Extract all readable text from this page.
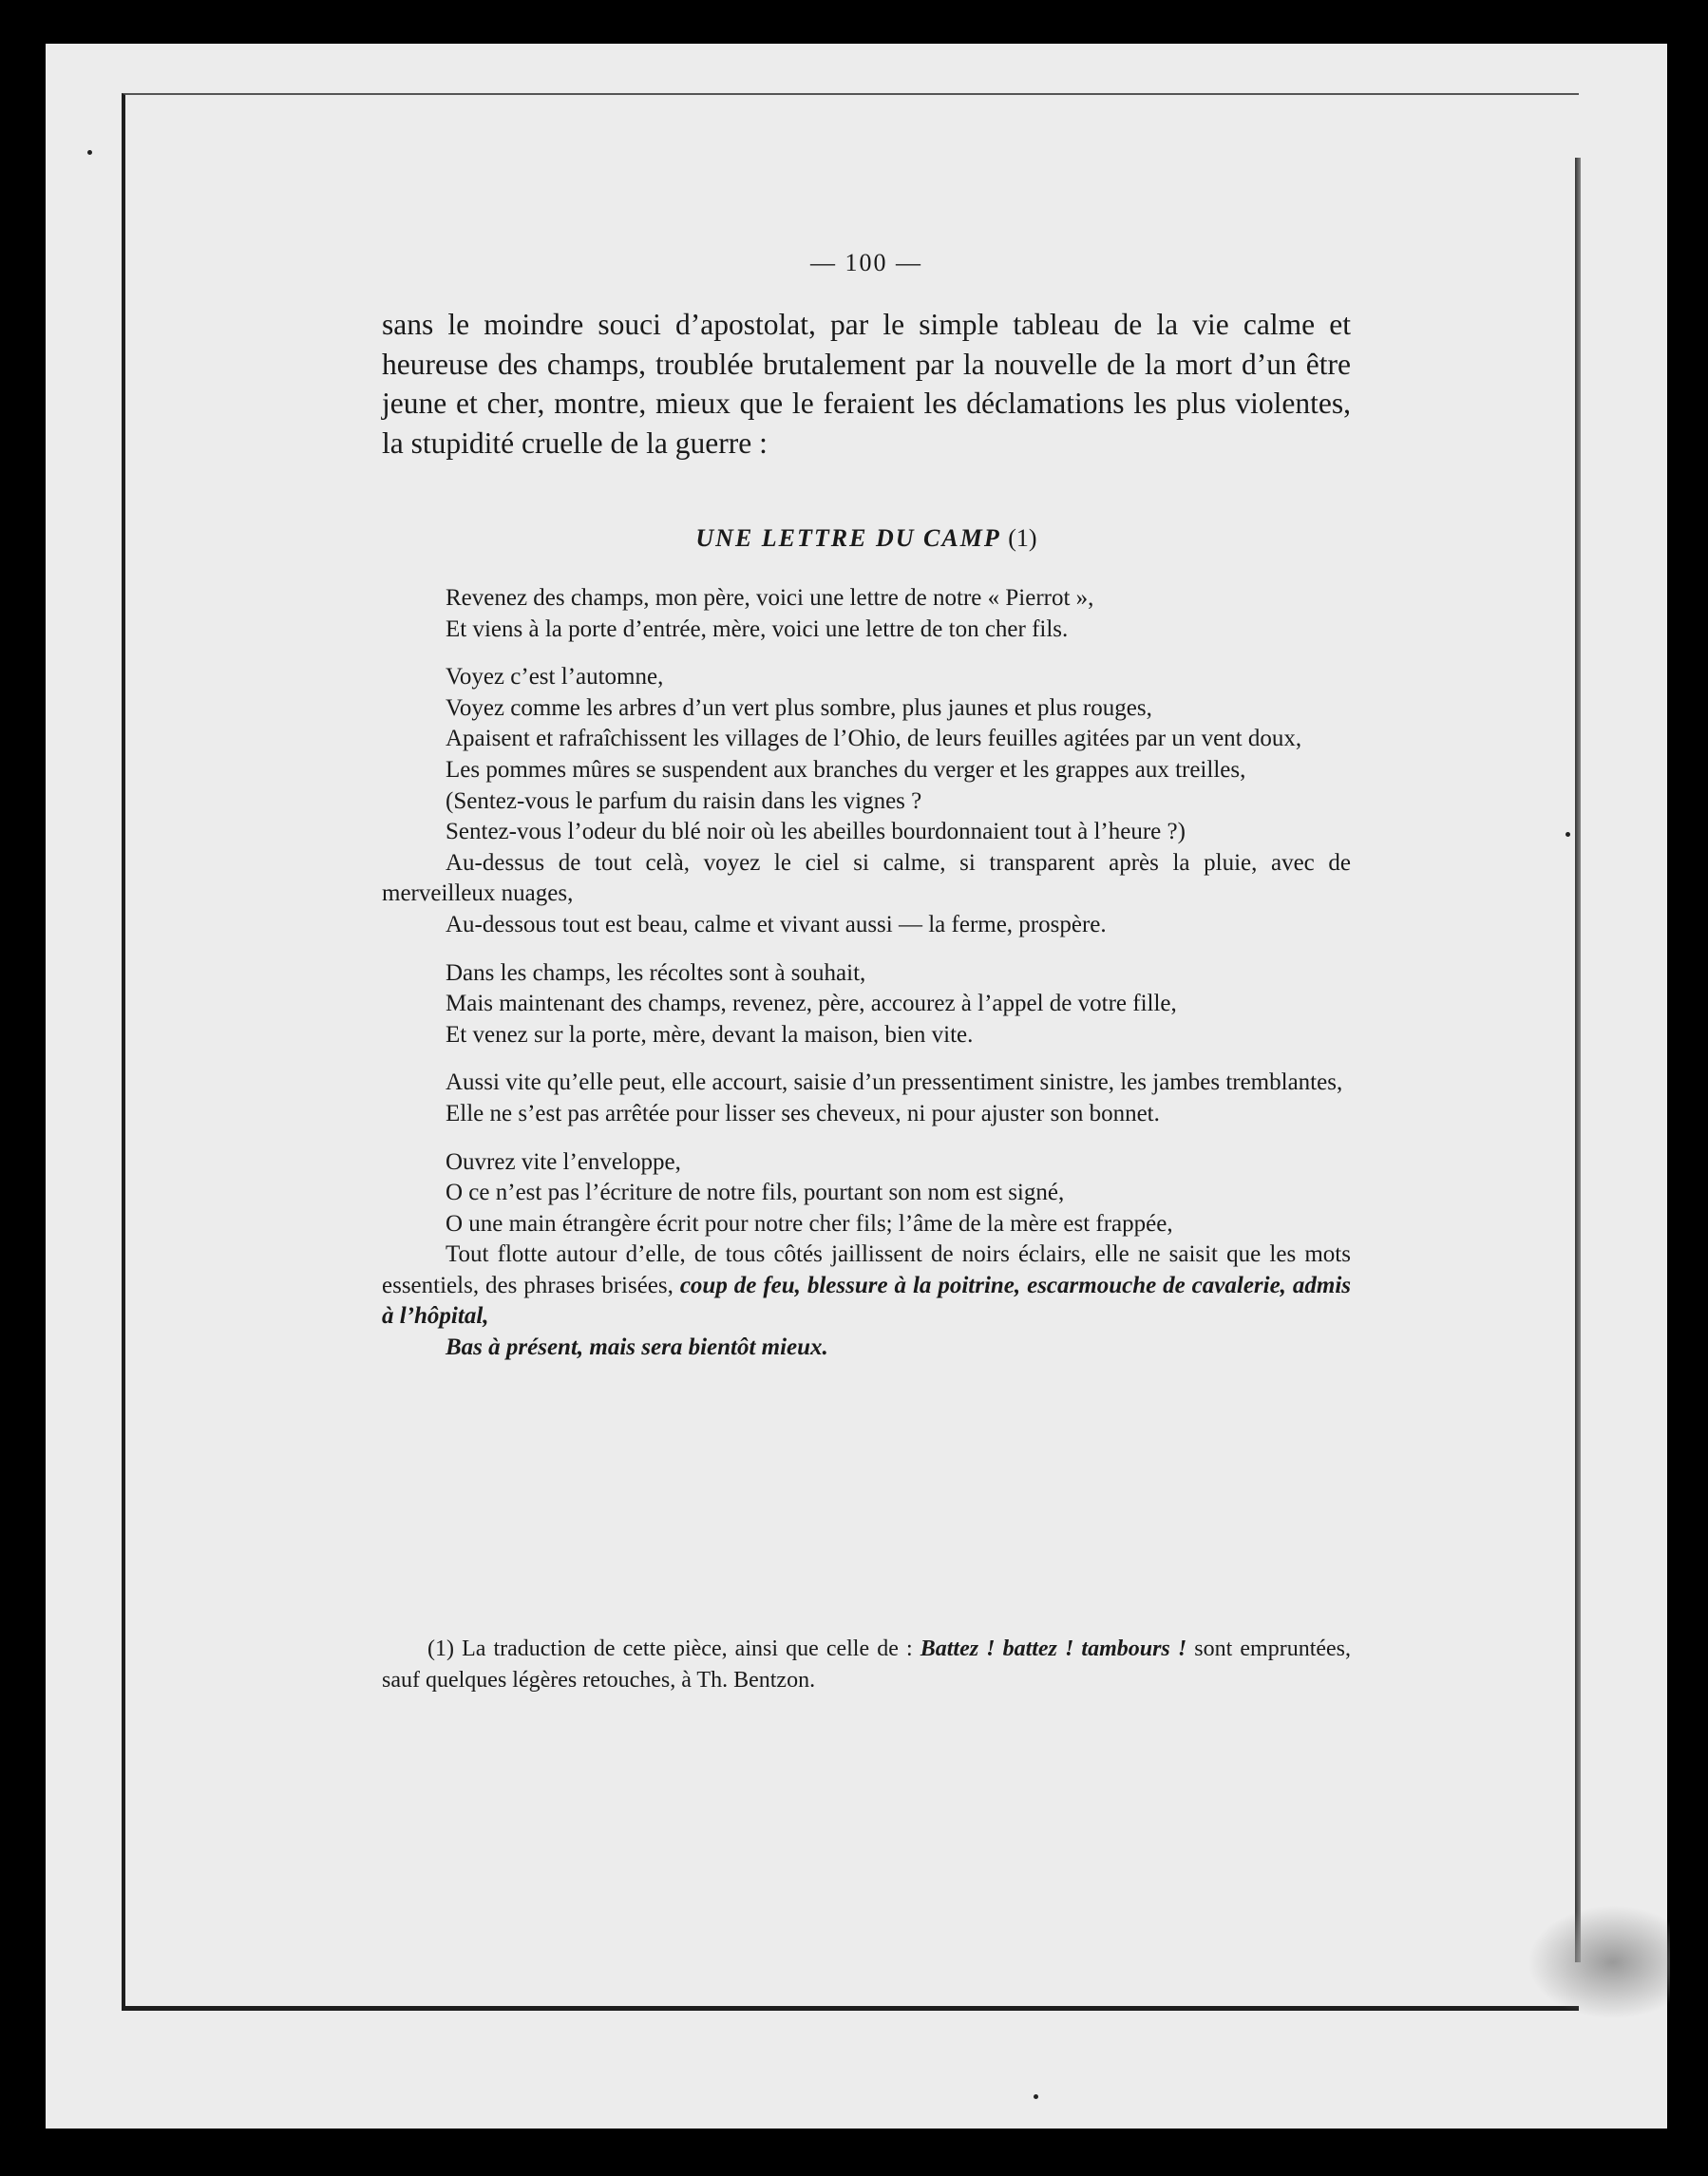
— 100 —
sans le moindre souci d’apostolat, par le simple tableau de la vie calme et heureuse des champs, troublée brutalement par la nouvelle de la mort d’un être jeune et cher, montre, mieux que le feraient les déclamations les plus violentes, la stupidité cruelle de la guerre :
UNE LETTRE DU CAMP (1)
Revenez des champs, mon père, voici une lettre de notre « Pierrot »,
Et viens à la porte d’entrée, mère, voici une lettre de ton cher fils.
Voyez c’est l’automne,
Voyez comme les arbres d’un vert plus sombre, plus jaunes et plus rouges,
Apaisent et rafraîchissent les villages de l’Ohio, de leurs feuilles agitées par un vent doux,
Les pommes mûres se suspendent aux branches du verger et les grappes aux treilles,
(Sentez-vous le parfum du raisin dans les vignes ?
Sentez-vous l’odeur du blé noir où les abeilles bourdonnaient tout à l’heure ?)
Au-dessus de tout celà, voyez le ciel si calme, si transparent après la pluie, avec de merveilleux nuages,
Au-dessous tout est beau, calme et vivant aussi — la ferme, prospère.
Dans les champs, les récoltes sont à souhait,
Mais maintenant des champs, revenez, père, accourez à l’appel de votre fille,
Et venez sur la porte, mère, devant la maison, bien vite.
Aussi vite qu’elle peut, elle accourt, saisie d’un pressentiment sinistre, les jambes tremblantes,
Elle ne s’est pas arrêtée pour lisser ses cheveux, ni pour ajuster son bonnet.
Ouvrez vite l’enveloppe,
O ce n’est pas l’écriture de notre fils, pourtant son nom est signé,
O une main étrangère écrit pour notre cher fils; l’âme de la mère est frappée,
Tout flotte autour d’elle, de tous côtés jaillissent de noirs éclairs, elle ne saisit que les mots essentiels, des phrases brisées, coup de feu, blessure à la poitrine, escarmouche de cavalerie, admis à l’hôpital,
Bas à présent, mais sera bientôt mieux.
(1) La traduction de cette pièce, ainsi que celle de : Battez ! battez ! tambours ! sont empruntées, sauf quelques légères retouches, à Th. Bentzon.
